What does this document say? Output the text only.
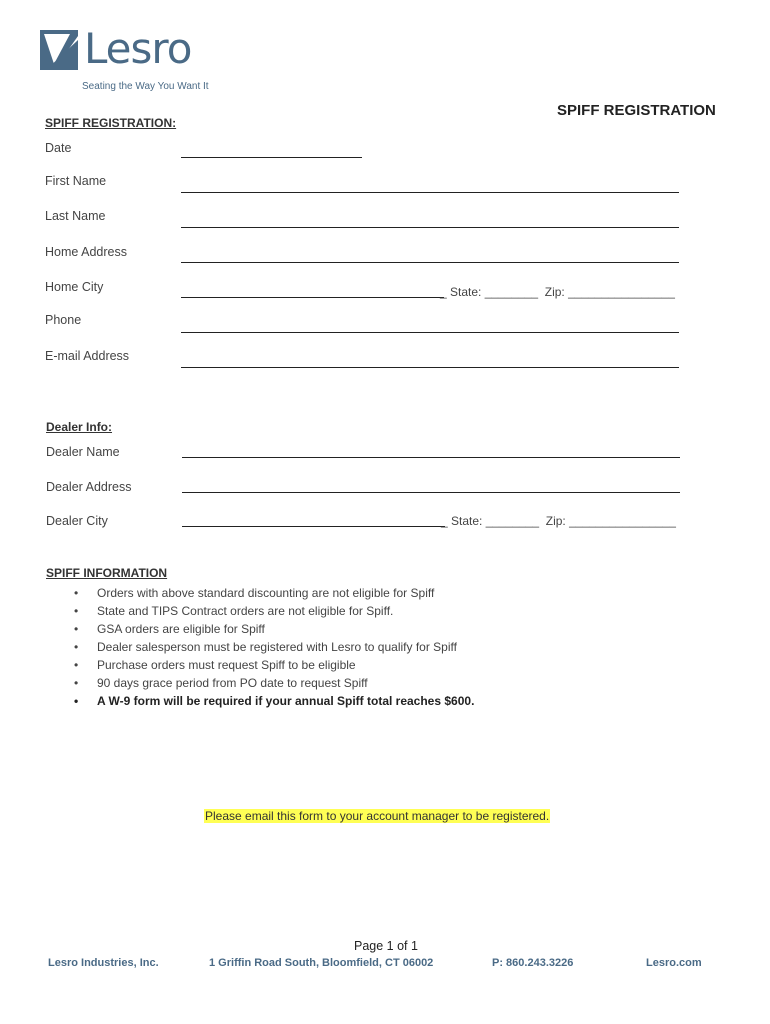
Lesro
Seating the Way You Want It
SPIFF REGISTRATION
SPIFF REGISTRATION:
Date
First Name
Last Name
Home Address
Home City	_ State: ________  Zip: ________________
Phone
E-mail Address
Dealer Info:
Dealer Name
Dealer Address
Dealer City	_ State: ________  Zip: ________________
SPIFF INFORMATION
• Orders with above standard discounting are not eligible for Spiff
• State and TIPS Contract orders are not eligible for Spiff.
• GSA orders are eligible for Spiff
• Dealer salesperson must be registered with Lesro to qualify for Spiff
• Purchase orders must request Spiff to be eligible
• 90 days grace period from PO date to request Spiff
• A W-9 form will be required if your annual Spiff total reaches $600.
Please email this form to your account manager to be registered.
Page 1 of 1
Lesro Industries, Inc.	1 Griffin Road South, Bloomfield, CT 06002	P: 860.243.3226	Lesro.com
